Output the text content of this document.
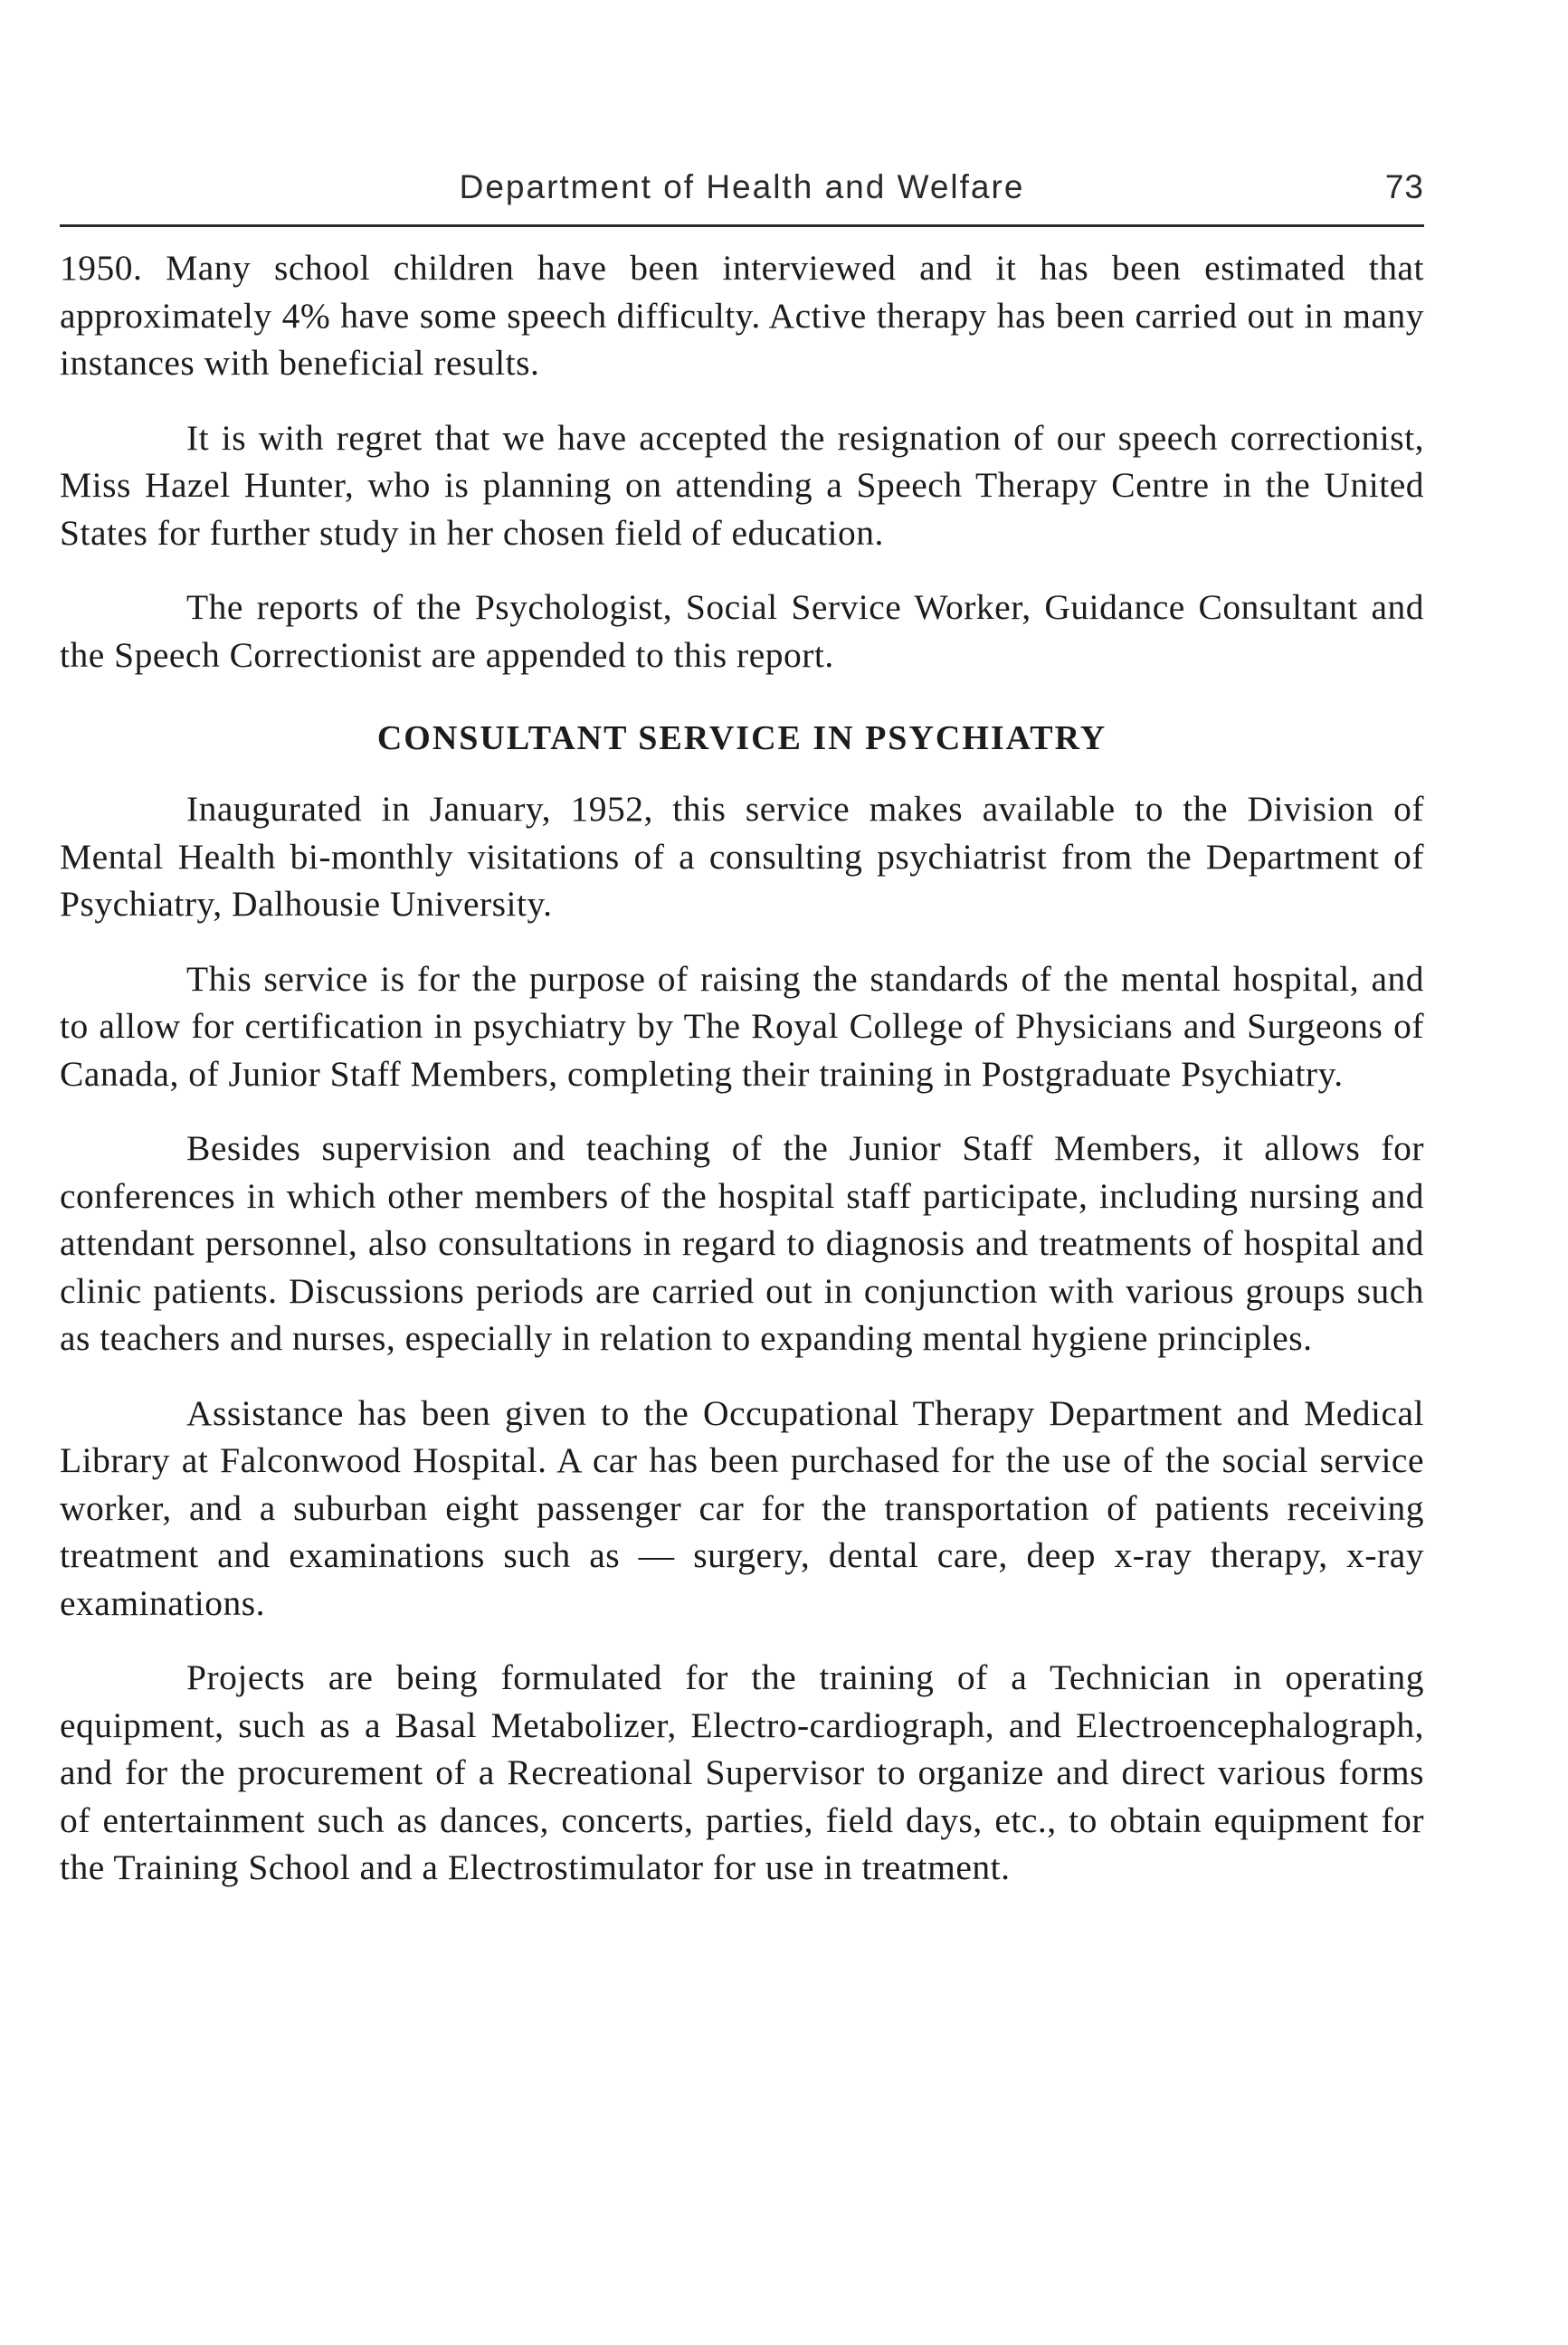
Department of Health and Welfare	73

1950. Many school children have been interviewed and it has been estimated that approximately 4% have some speech difficulty. Active therapy has been carried out in many instances with beneficial results.

It is with regret that we have accepted the resignation of our speech correctionist, Miss Hazel Hunter, who is planning on attending a Speech Therapy Centre in the United States for further study in her chosen field of education.

The reports of the Psychologist, Social Service Worker, Guidance Consultant and the Speech Correctionist are appended to this report.

CONSULTANT SERVICE IN PSYCHIATRY

Inaugurated in January, 1952, this service makes available to the Division of Mental Health bi-monthly visitations of a consulting psychiatrist from the Department of Psychiatry, Dalhousie University.

This service is for the purpose of raising the standards of the mental hospital, and to allow for certification in psychiatry by The Royal College of Physicians and Surgeons of Canada, of Junior Staff Members, completing their training in Postgraduate Psychiatry.

Besides supervision and teaching of the Junior Staff Members, it allows for conferences in which other members of the hospital staff participate, including nursing and attendant personnel, also consultations in regard to diagnosis and treatments of hospital and clinic patients. Discussions periods are carried out in conjunction with various groups such as teachers and nurses, especially in relation to expanding mental hygiene principles.

Assistance has been given to the Occupational Therapy Department and Medical Library at Falconwood Hospital. A car has been purchased for the use of the social service worker, and a suburban eight passenger car for the transportation of patients receiving treatment and examinations such as — surgery, dental care, deep x-ray therapy, x-ray examinations.

Projects are being formulated for the training of a Technician in operating equipment, such as a Basal Metabolizer, Electro-cardiograph, and Electroencephalograph, and for the procurement of a Recreational Supervisor to organize and direct various forms of entertainment such as dances, concerts, parties, field days, etc., to obtain equipment for the Training School and a Electrostimulator for use in treatment.
